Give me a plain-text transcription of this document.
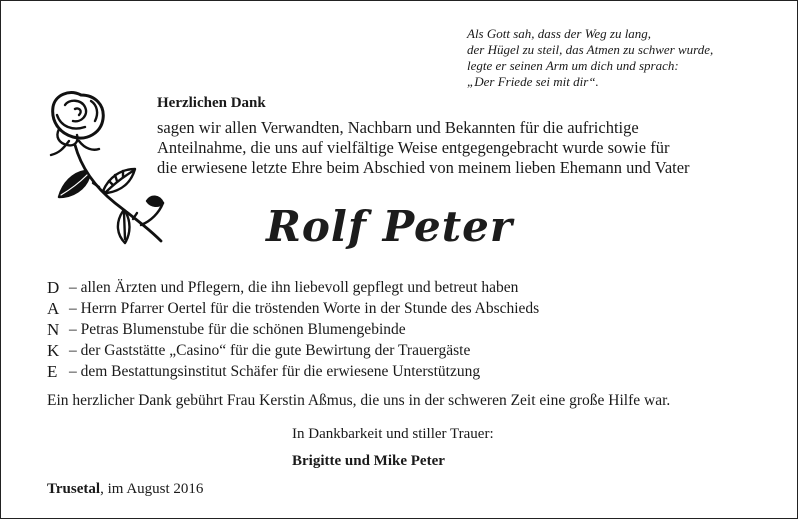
Als Gott sah, dass der Weg zu lang,
der Hügel zu steil, das Atmen zu schwer wurde,
legte er seinen Arm um dich und sprach:
„Der Friede sei mit dir“.
Herzlichen Dank
sagen wir allen Verwandten, Nachbarn und Bekannten für die aufrichtige
Anteilnahme, die uns auf vielfältige Weise entgegengebracht wurde sowie für
die erwiesene letzte Ehre beim Abschied von meinem lieben Ehemann und Vater
Rolf Peter
D – allen Ärzten und Pflegern, die ihn liebevoll gepflegt und betreut haben
A – Herrn Pfarrer Oertel für die tröstenden Worte in der Stunde des Abschieds
N – Petras Blumenstube für die schönen Blumengebinde
K – der Gaststätte „Casino“ für die gute Bewirtung der Trauergäste
E – dem Bestattungsinstitut Schäfer für die erwiesene Unterstützung
Ein herzlicher Dank gebührt Frau Kerstin Aßmus, die uns in der schweren Zeit eine große Hilfe war.
In Dankbarkeit und stiller Trauer:
Brigitte und Mike Peter
Trusetal, im August 2016
